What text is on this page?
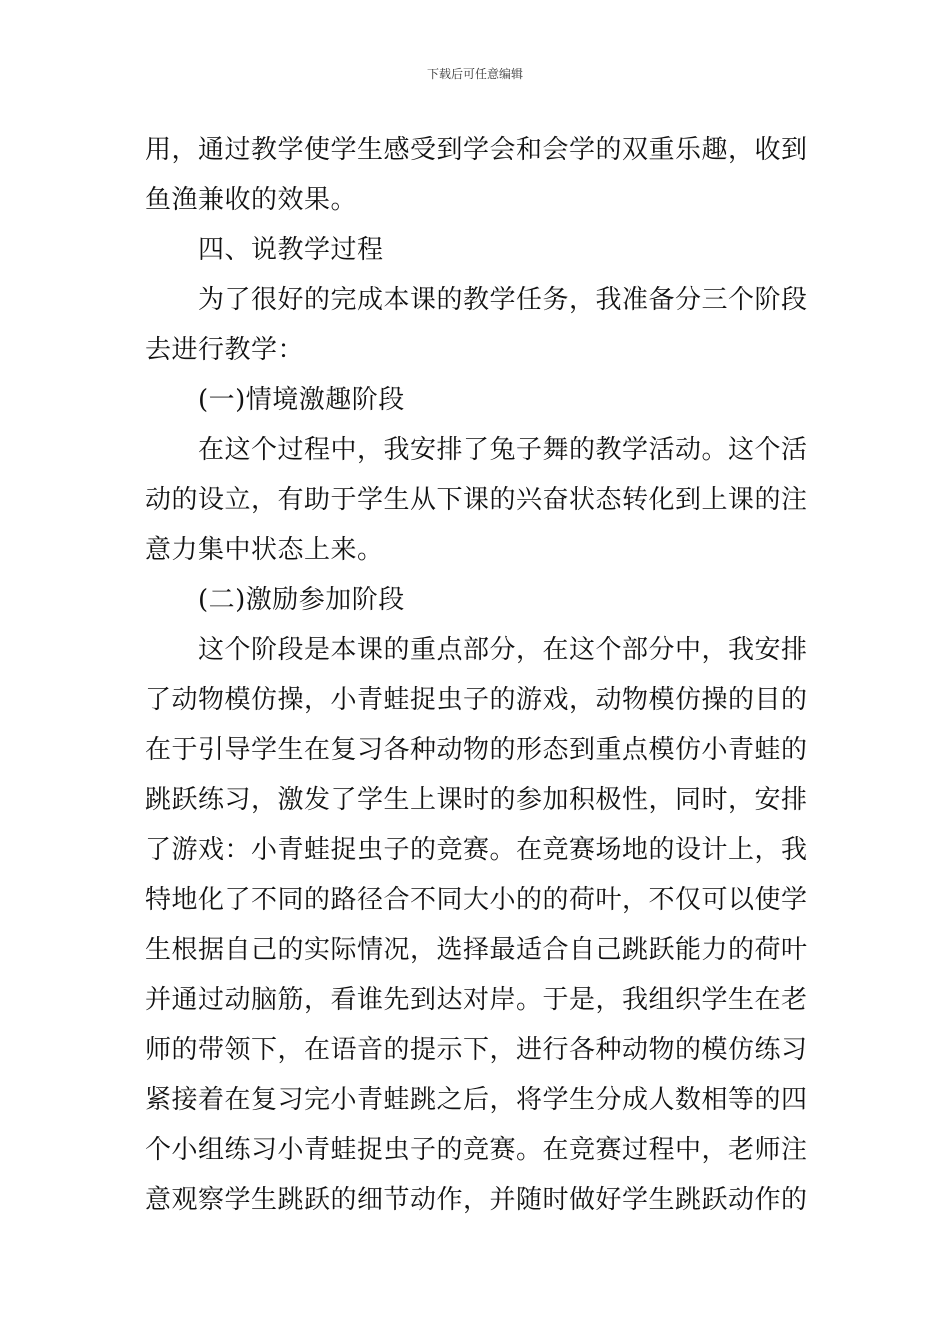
下载后可任意编辑

用，通过教学使学生感受到学会和会学的双重乐趣，收到
鱼渔兼收的效果。

四、说教学过程

为了很好的完成本课的教学任务，我准备分三个阶段
去进行教学：

(一)情境激趣阶段

在这个过程中，我安排了兔子舞的教学活动。这个活
动的设立，有助于学生从下课的兴奋状态转化到上课的注
意力集中状态上来。

(二)激励参加阶段

这个阶段是本课的重点部分，在这个部分中，我安排
了动物模仿操，小青蛙捉虫子的游戏，动物模仿操的目的
在于引导学生在复习各种动物的形态到重点模仿小青蛙的
跳跃练习，激发了学生上课时的参加积极性，同时，安排
了游戏：小青蛙捉虫子的竞赛。在竞赛场地的设计上，我
特地化了不同的路径合不同大小的的荷叶，不仅可以使学
生根据自己的实际情况，选择最适合自己跳跃能力的荷叶
并通过动脑筋，看谁先到达对岸。于是，我组织学生在老
师的带领下，在语音的提示下，进行各种动物的模仿练习
紧接着在复习完小青蛙跳之后，将学生分成人数相等的四
个小组练习小青蛙捉虫子的竞赛。在竞赛过程中，老师注
意观察学生跳跃的细节动作，并随时做好学生跳跃动作的
